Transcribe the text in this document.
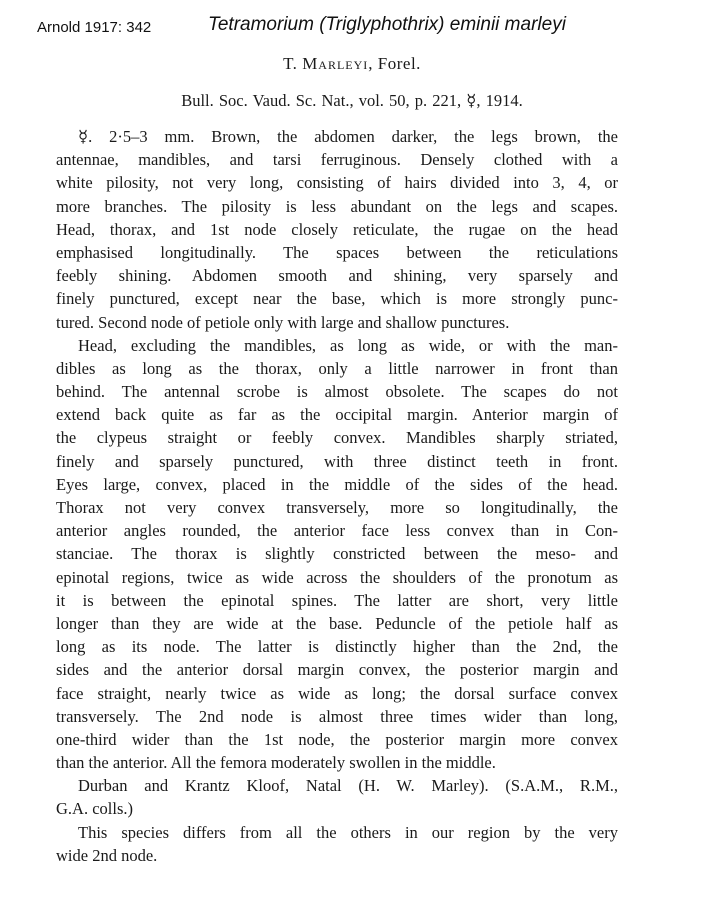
Arnold 1917: 342	Tetramorium (Triglyphothrix) eminii marleyi
T. Marleyi, Forel.
Bull. Soc. Vaud. Sc. Nat., vol. 50, p. 221, ☿, 1914.
☿. 2·5–3 mm. Brown, the abdomen darker, the legs brown, the
antennae, mandibles, and tarsi ferruginous. Densely clothed with a
white pilosity, not very long, consisting of hairs divided into 3, 4, or
more branches. The pilosity is less abundant on the legs and scapes.
Head, thorax, and 1st node closely reticulate, the rugae on the head
emphasised longitudinally. The spaces between the reticulations
feebly shining. Abdomen smooth and shining, very sparsely and
finely punctured, except near the base, which is more strongly punc-
tured. Second node of petiole only with large and shallow punctures.
Head, excluding the mandibles, as long as wide, or with the man-
dibles as long as the thorax, only a little narrower in front than
behind. The antennal scrobe is almost obsolete. The scapes do not
extend back quite as far as the occipital margin. Anterior margin of
the clypeus straight or feebly convex. Mandibles sharply striated,
finely and sparsely punctured, with three distinct teeth in front.
Eyes large, convex, placed in the middle of the sides of the head.
Thorax not very convex transversely, more so longitudinally, the
anterior angles rounded, the anterior face less convex than in Con-
stanciae. The thorax is slightly constricted between the meso- and
epinotal regions, twice as wide across the shoulders of the pronotum as
it is between the epinotal spines. The latter are short, very little
longer than they are wide at the base. Peduncle of the petiole half as
long as its node. The latter is distinctly higher than the 2nd, the
sides and the anterior dorsal margin convex, the posterior margin and
face straight, nearly twice as wide as long; the dorsal surface convex
transversely. The 2nd node is almost three times wider than long,
one-third wider than the 1st node, the posterior margin more convex
than the anterior. All the femora moderately swollen in the middle.
Durban and Krantz Kloof, Natal (H. W. Marley). (S.A.M., R.M.,
G.A. colls.)
This species differs from all the others in our region by the very
wide 2nd node.
